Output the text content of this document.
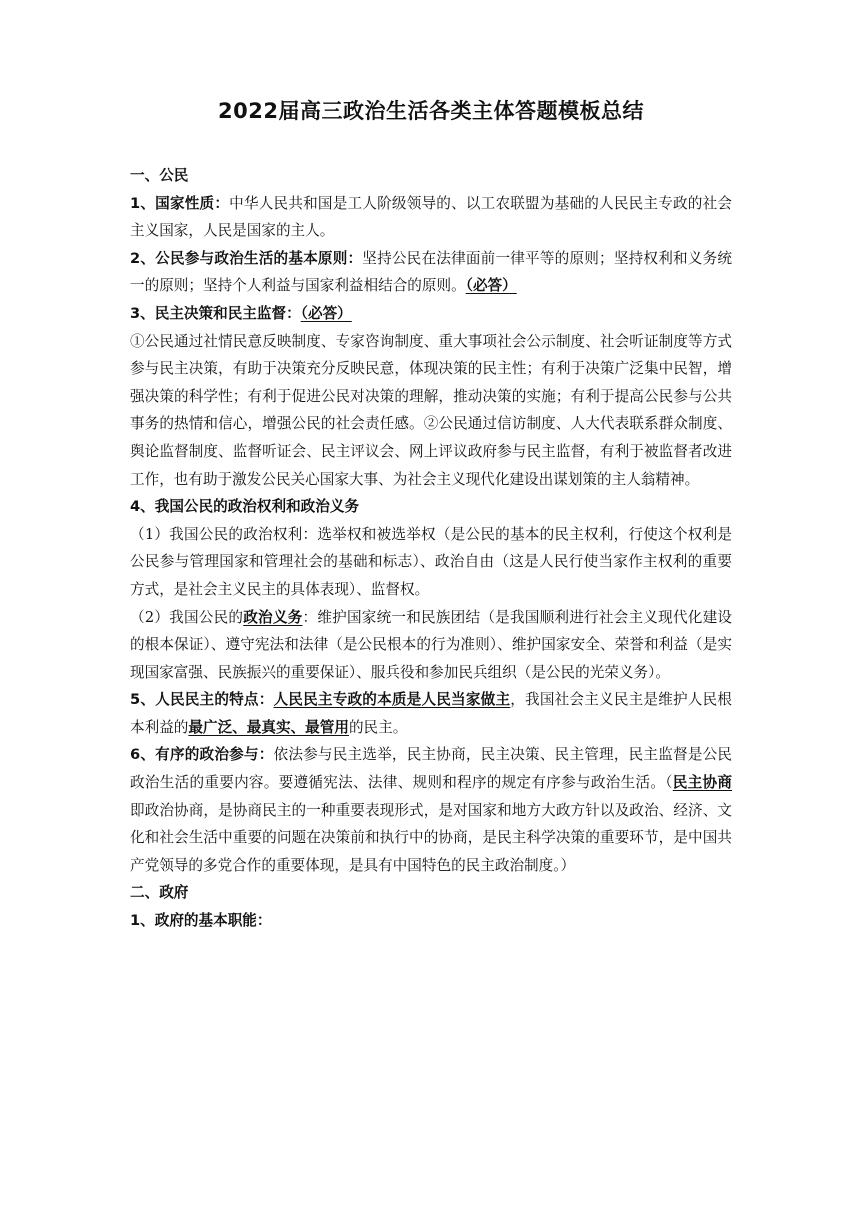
2022届高三政治生活各类主体答题模板总结

一、公民

1、国家性质：中华人民共和国是工人阶级领导的、以工农联盟为基础的人民民主专政的社会主义国家，人民是国家的主人。

2、公民参与政治生活的基本原则：坚持公民在法律面前一律平等的原则；坚持权利和义务统一的原则；坚持个人利益与国家利益相结合的原则。（必答）

3、民主决策和民主监督：（必答）

①公民通过社情民意反映制度、专家咨询制度、重大事项社会公示制度、社会听证制度等方式参与民主决策，有助于决策充分反映民意，体现决策的民主性；有利于决策广泛集中民智，增强决策的科学性；有利于促进公民对决策的理解，推动决策的实施；有利于提高公民参与公共事务的热情和信心，增强公民的社会责任感。②公民通过信访制度、人大代表联系群众制度、舆论监督制度、监督听证会、民主评议会、网上评议政府参与民主监督，有利于被监督者改进工作，也有助于激发公民关心国家大事、为社会主义现代化建设出谋划策的主人翁精神。

4、我国公民的政治权利和政治义务

（1）我国公民的政治权利：选举权和被选举权（是公民的基本的民主权利，行使这个权利是公民参与管理国家和管理社会的基础和标志）、政治自由（这是人民行使当家作主权利的重要方式，是社会主义民主的具体表现）、监督权。

（2）我国公民的政治义务：维护国家统一和民族团结（是我国顺利进行社会主义现代化建设的根本保证）、遵守宪法和法律（是公民根本的行为准则）、维护国家安全、荣誉和利益（是实现国家富强、民族振兴的重要保证）、服兵役和参加民兵组织（是公民的光荣义务）。

5、人民民主的特点：人民民主专政的本质是人民当家做主，我国社会主义民主是维护人民根本利益的最广泛、最真实、最管用的民主。

6、有序的政治参与：依法参与民主选举，民主协商，民主决策、民主管理，民主监督是公民政治生活的重要内容。要遵循宪法、法律、规则和程序的规定有序参与政治生活。（民主协商即政治协商，是协商民主的一种重要表现形式，是对国家和地方大政方针以及政治、经济、文化和社会生活中重要的问题在决策前和执行中的协商，是民主科学决策的重要环节，是中国共产党领导的多党合作的重要体现，是具有中国特色的民主政治制度。）

二、政府

1、政府的基本职能：
